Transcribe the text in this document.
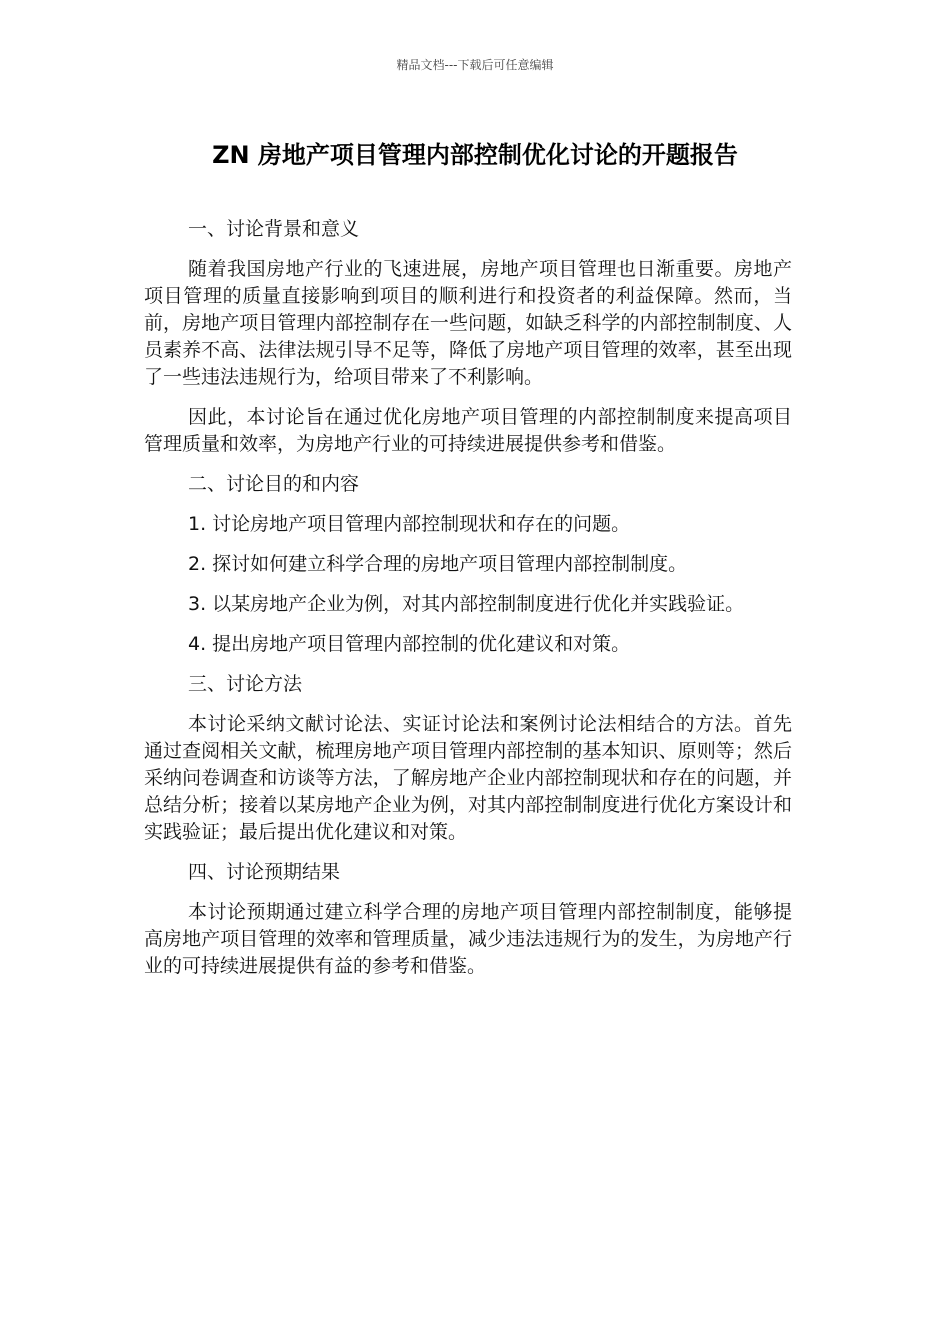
精品文档---下载后可任意编辑
ZN 房地产项目管理内部控制优化讨论的开题报告
一、讨论背景和意义
随着我国房地产行业的飞速进展，房地产项目管理也日渐重要。房地产项目管理的质量直接影响到项目的顺利进行和投资者的利益保障。然而，当前，房地产项目管理内部控制存在一些问题，如缺乏科学的内部控制制度、人员素养不高、法律法规引导不足等，降低了房地产项目管理的效率，甚至出现了一些违法违规行为，给项目带来了不利影响。
因此，本讨论旨在通过优化房地产项目管理的内部控制制度来提高项目管理质量和效率，为房地产行业的可持续进展提供参考和借鉴。
二、讨论目的和内容
1. 讨论房地产项目管理内部控制现状和存在的问题。
2. 探讨如何建立科学合理的房地产项目管理内部控制制度。
3. 以某房地产企业为例，对其内部控制制度进行优化并实践验证。
4. 提出房地产项目管理内部控制的优化建议和对策。
三、讨论方法
本讨论采纳文献讨论法、实证讨论法和案例讨论法相结合的方法。首先通过查阅相关文献，梳理房地产项目管理内部控制的基本知识、原则等；然后采纳问卷调查和访谈等方法，了解房地产企业内部控制现状和存在的问题，并总结分析；接着以某房地产企业为例，对其内部控制制度进行优化方案设计和实践验证；最后提出优化建议和对策。
四、讨论预期结果
本讨论预期通过建立科学合理的房地产项目管理内部控制制度，能够提高房地产项目管理的效率和管理质量，减少违法违规行为的发生，为房地产行业的可持续进展提供有益的参考和借鉴。
